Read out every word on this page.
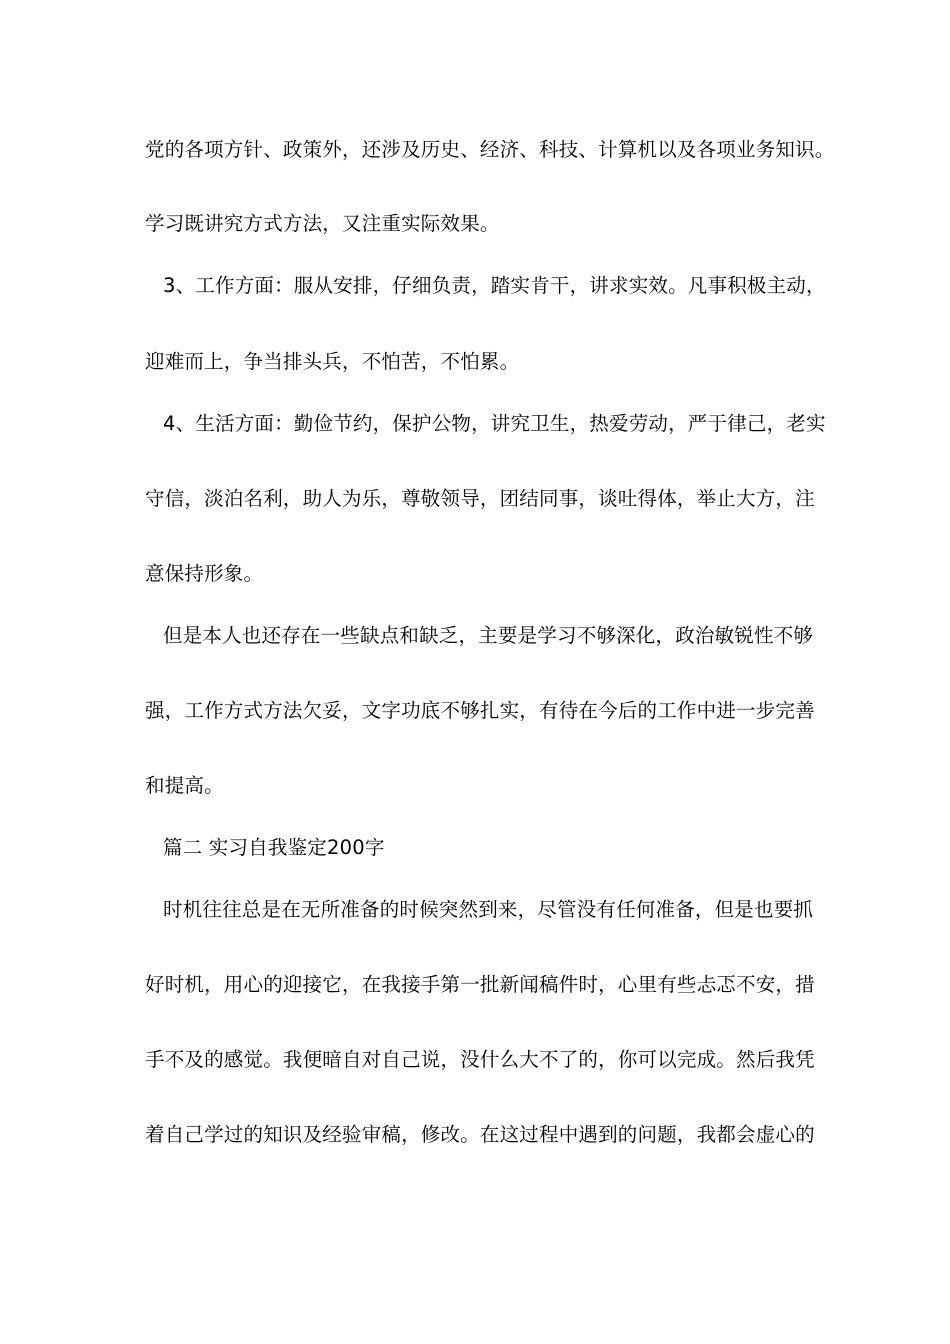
党的各项方针、政策外，还涉及历史、经济、科技、计算机以及各项业务知识。
学习既讲究方式方法，又注重实际效果。
3、工作方面：服从安排，仔细负责，踏实肯干，讲求实效。凡事积极主动，
迎难而上，争当排头兵，不怕苦，不怕累。
4、生活方面：勤俭节约，保护公物，讲究卫生，热爱劳动，严于律己，老实
守信，淡泊名利，助人为乐，尊敬领导，团结同事，谈吐得体，举止大方，注
意保持形象。
但是本人也还存在一些缺点和缺乏，主要是学习不够深化，政治敏锐性不够
强，工作方式方法欠妥，文字功底不够扎实，有待在今后的工作中进一步完善
和提高。
篇二 实习自我鉴定200字
时机往往总是在无所准备的时候突然到来，尽管没有任何准备，但是也要抓
好时机，用心的迎接它，在我接手第一批新闻稿件时，心里有些忐忑不安，措
手不及的感觉。我便暗自对自己说，没什么大不了的，你可以完成。然后我凭
着自己学过的知识及经验审稿，修改。在这过程中遇到的问题，我都会虚心的
